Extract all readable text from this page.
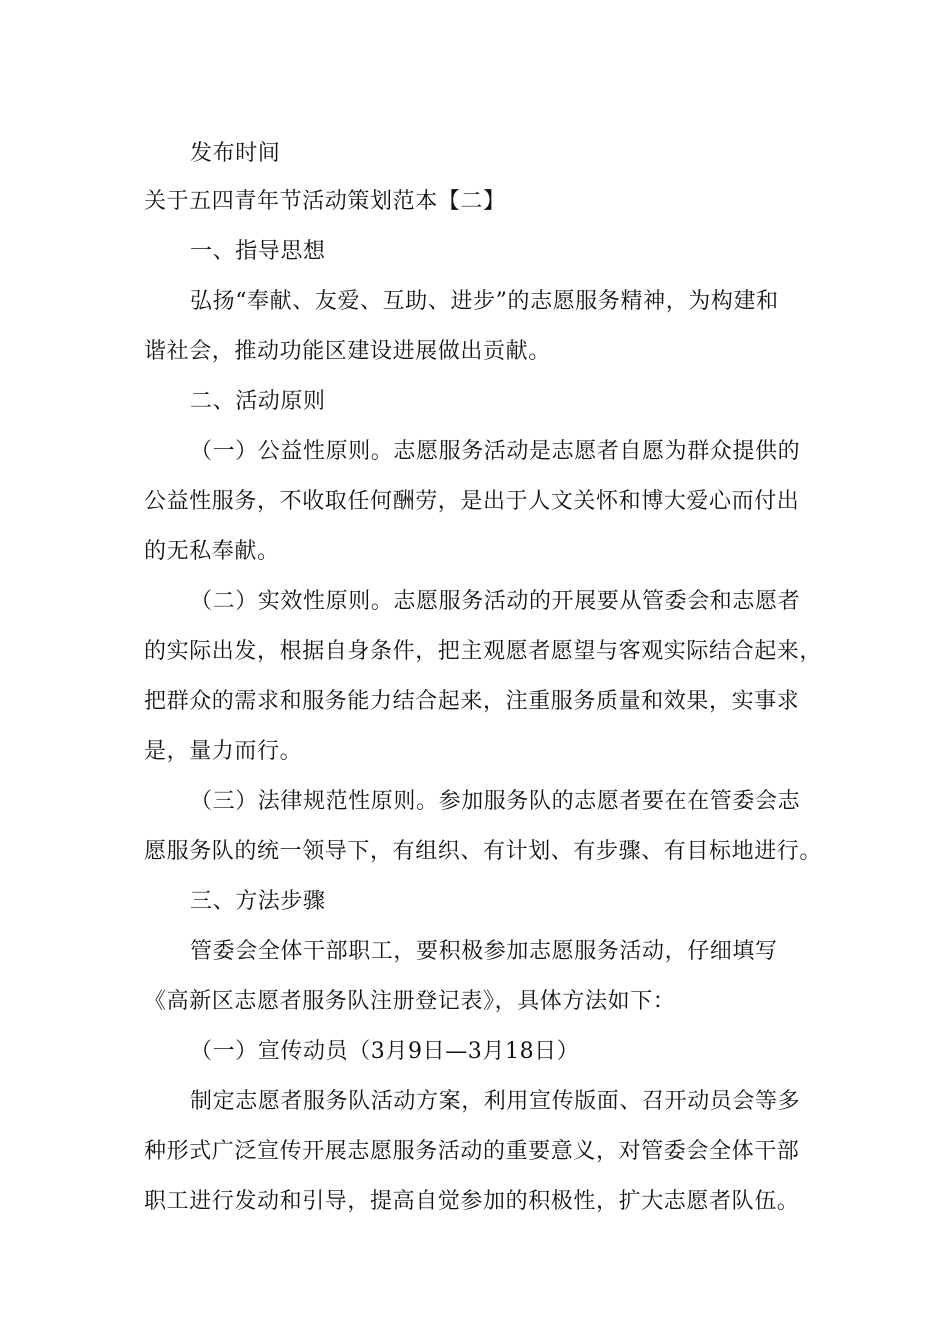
发布时间
关于五四青年节活动策划范本【二】
一、指导思想
弘扬“奉献、友爱、互助、进步”的志愿服务精神，为构建和
谐社会，推动功能区建设进展做出贡献。
二、活动原则
（一）公益性原则。志愿服务活动是志愿者自愿为群众提供的
公益性服务，不收取任何酬劳，是出于人文关怀和博大爱心而付出
的无私奉献。
（二）实效性原则。志愿服务活动的开展要从管委会和志愿者
的实际出发，根据自身条件，把主观愿者愿望与客观实际结合起来，
把群众的需求和服务能力结合起来，注重服务质量和效果，实事求
是，量力而行。
（三）法律规范性原则。参加服务队的志愿者要在在管委会志
愿服务队的统一领导下，有组织、有计划、有步骤、有目标地进行。
三、方法步骤
管委会全体干部职工，要积极参加志愿服务活动，仔细填写
《高新区志愿者服务队注册登记表》，具体方法如下：
（一）宣传动员（3月9日—3月18日）
制定志愿者服务队活动方案，利用宣传版面、召开动员会等多
种形式广泛宣传开展志愿服务活动的重要意义，对管委会全体干部
职工进行发动和引导，提高自觉参加的积极性，扩大志愿者队伍。
